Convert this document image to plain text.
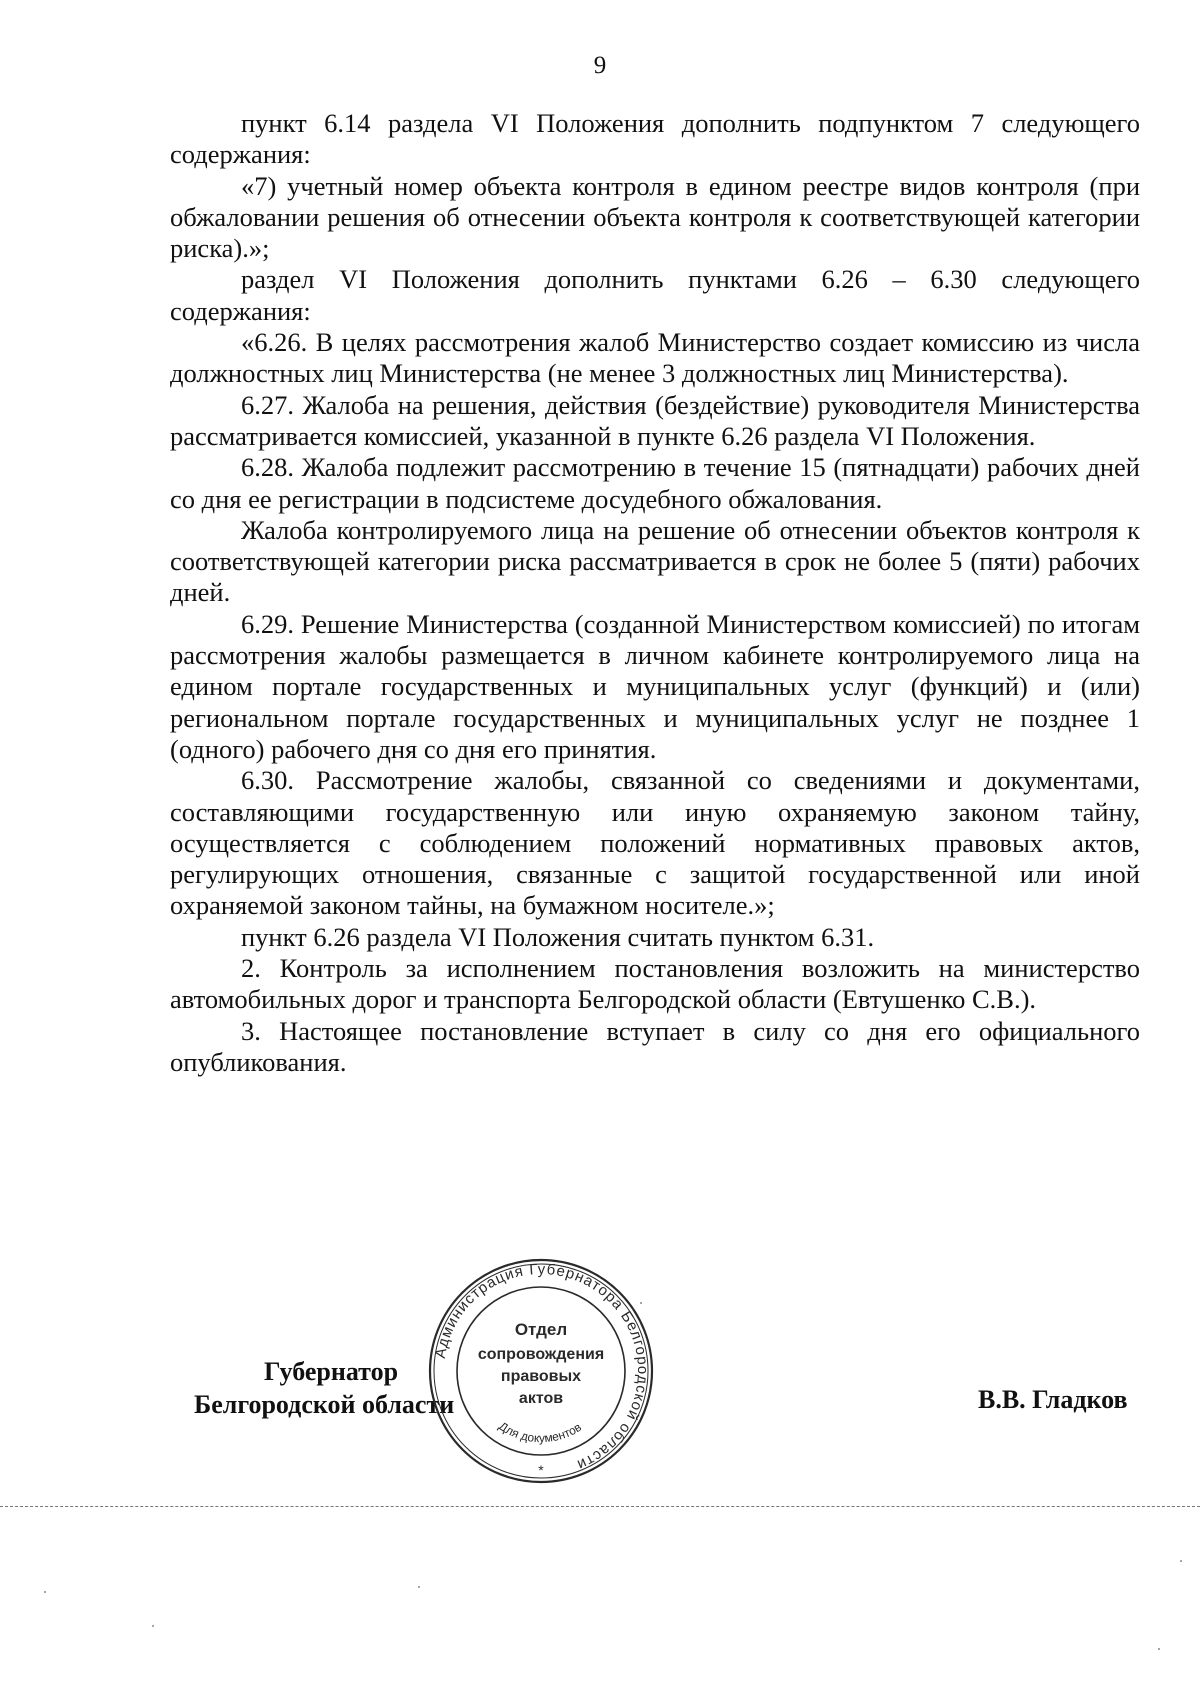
9

пункт 6.14 раздела VI Положения дополнить подпунктом 7 следующего содержания:

«7) учетный номер объекта контроля в едином реестре видов контроля (при обжаловании решения об отнесении объекта контроля к соответствующей категории риска).»;

раздел VI Положения дополнить пунктами 6.26 – 6.30 следующего содержания:

«6.26. В целях рассмотрения жалоб Министерство создает комиссию из числа должностных лиц Министерства (не менее 3 должностных лиц Министерства).

6.27. Жалоба на решения, действия (бездействие) руководителя Министерства рассматривается комиссией, указанной в пункте 6.26 раздела VI Положения.

6.28. Жалоба подлежит рассмотрению в течение 15 (пятнадцати) рабочих дней со дня ее регистрации в подсистеме досудебного обжалования.

Жалоба контролируемого лица на решение об отнесении объектов контроля к соответствующей категории риска рассматривается в срок не более 5 (пяти) рабочих дней.

6.29. Решение Министерства (созданной Министерством комиссией) по итогам рассмотрения жалобы размещается в личном кабинете контролируемого лица на едином портале государственных и муниципальных услуг (функций) и (или) региональном портале государственных и муниципальных услуг не позднее 1 (одного) рабочего дня со дня его принятия.

6.30. Рассмотрение жалобы, связанной со сведениями и документами, составляющими государственную или иную охраняемую законом тайну, осуществляется с соблюдением положений нормативных правовых актов, регулирующих отношения, связанные с защитой государственной или иной охраняемой законом тайны, на бумажном носителе.»;

пункт 6.26 раздела VI Положения считать пунктом 6.31.

2. Контроль за исполнением постановления возложить на министерство автомобильных дорог и транспорта Белгородской области (Евтушенко С.В.).

3. Настоящее постановление вступает в силу со дня его официального опубликования.

Губернатор
Белгородской области	В.В. Гладков
Администрация Губернатора Белгородской области
Для документов
Отдел
сопровождения
правовых
актов
*
